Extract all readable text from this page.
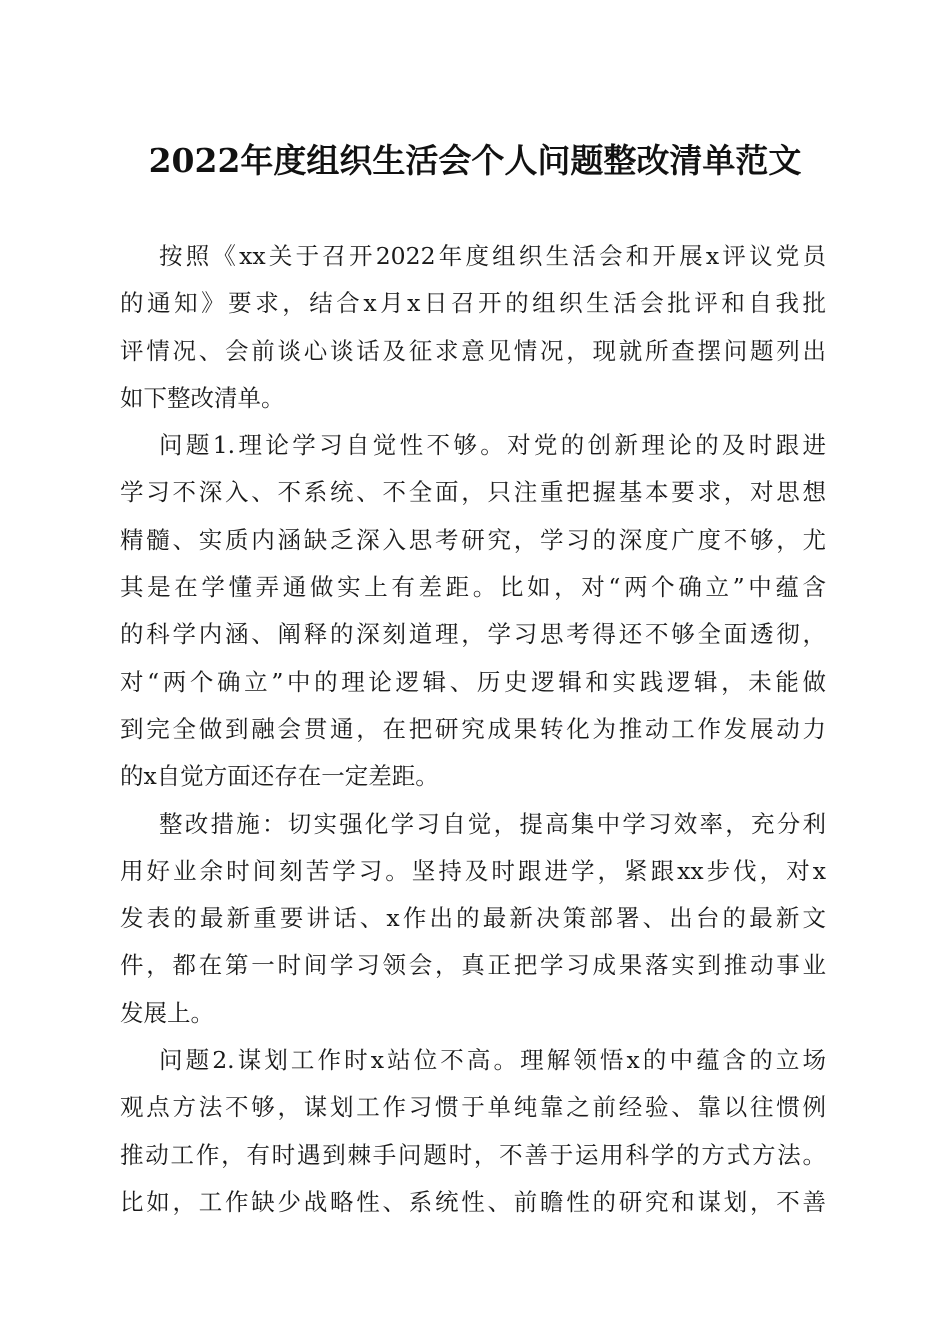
2022年度组织生活会个人问题整改清单范文
按照《xx关于召开2022年度组织生活会和开展x评议党员
的通知》要求，结合x月x日召开的组织生活会批评和自我批
评情况、会前谈心谈话及征求意见情况，现就所查摆问题列出
如下整改清单。
问题1.理论学习自觉性不够。对党的创新理论的及时跟进
学习不深入、不系统、不全面，只注重把握基本要求，对思想
精髓、实质内涵缺乏深入思考研究，学习的深度广度不够，尤
其是在学懂弄通做实上有差距。比如，对“两个确立”中蕴含
的科学内涵、阐释的深刻道理，学习思考得还不够全面透彻，
对“两个确立”中的理论逻辑、历史逻辑和实践逻辑，未能做
到完全做到融会贯通，在把研究成果转化为推动工作发展动力
的x自觉方面还存在一定差距。
整改措施：切实强化学习自觉，提高集中学习效率，充分利
用好业余时间刻苦学习。坚持及时跟进学，紧跟xx步伐，对x
发表的最新重要讲话、x作出的最新决策部署、出台的最新文
件，都在第一时间学习领会，真正把学习成果落实到推动事业
发展上。
问题2.谋划工作时x站位不高。理解领悟x的中蕴含的立场
观点方法不够，谋划工作习惯于单纯靠之前经验、靠以往惯例
推动工作，有时遇到棘手问题时，不善于运用科学的方式方法。
比如，工作缺少战略性、系统性、前瞻性的研究和谋划，不善
